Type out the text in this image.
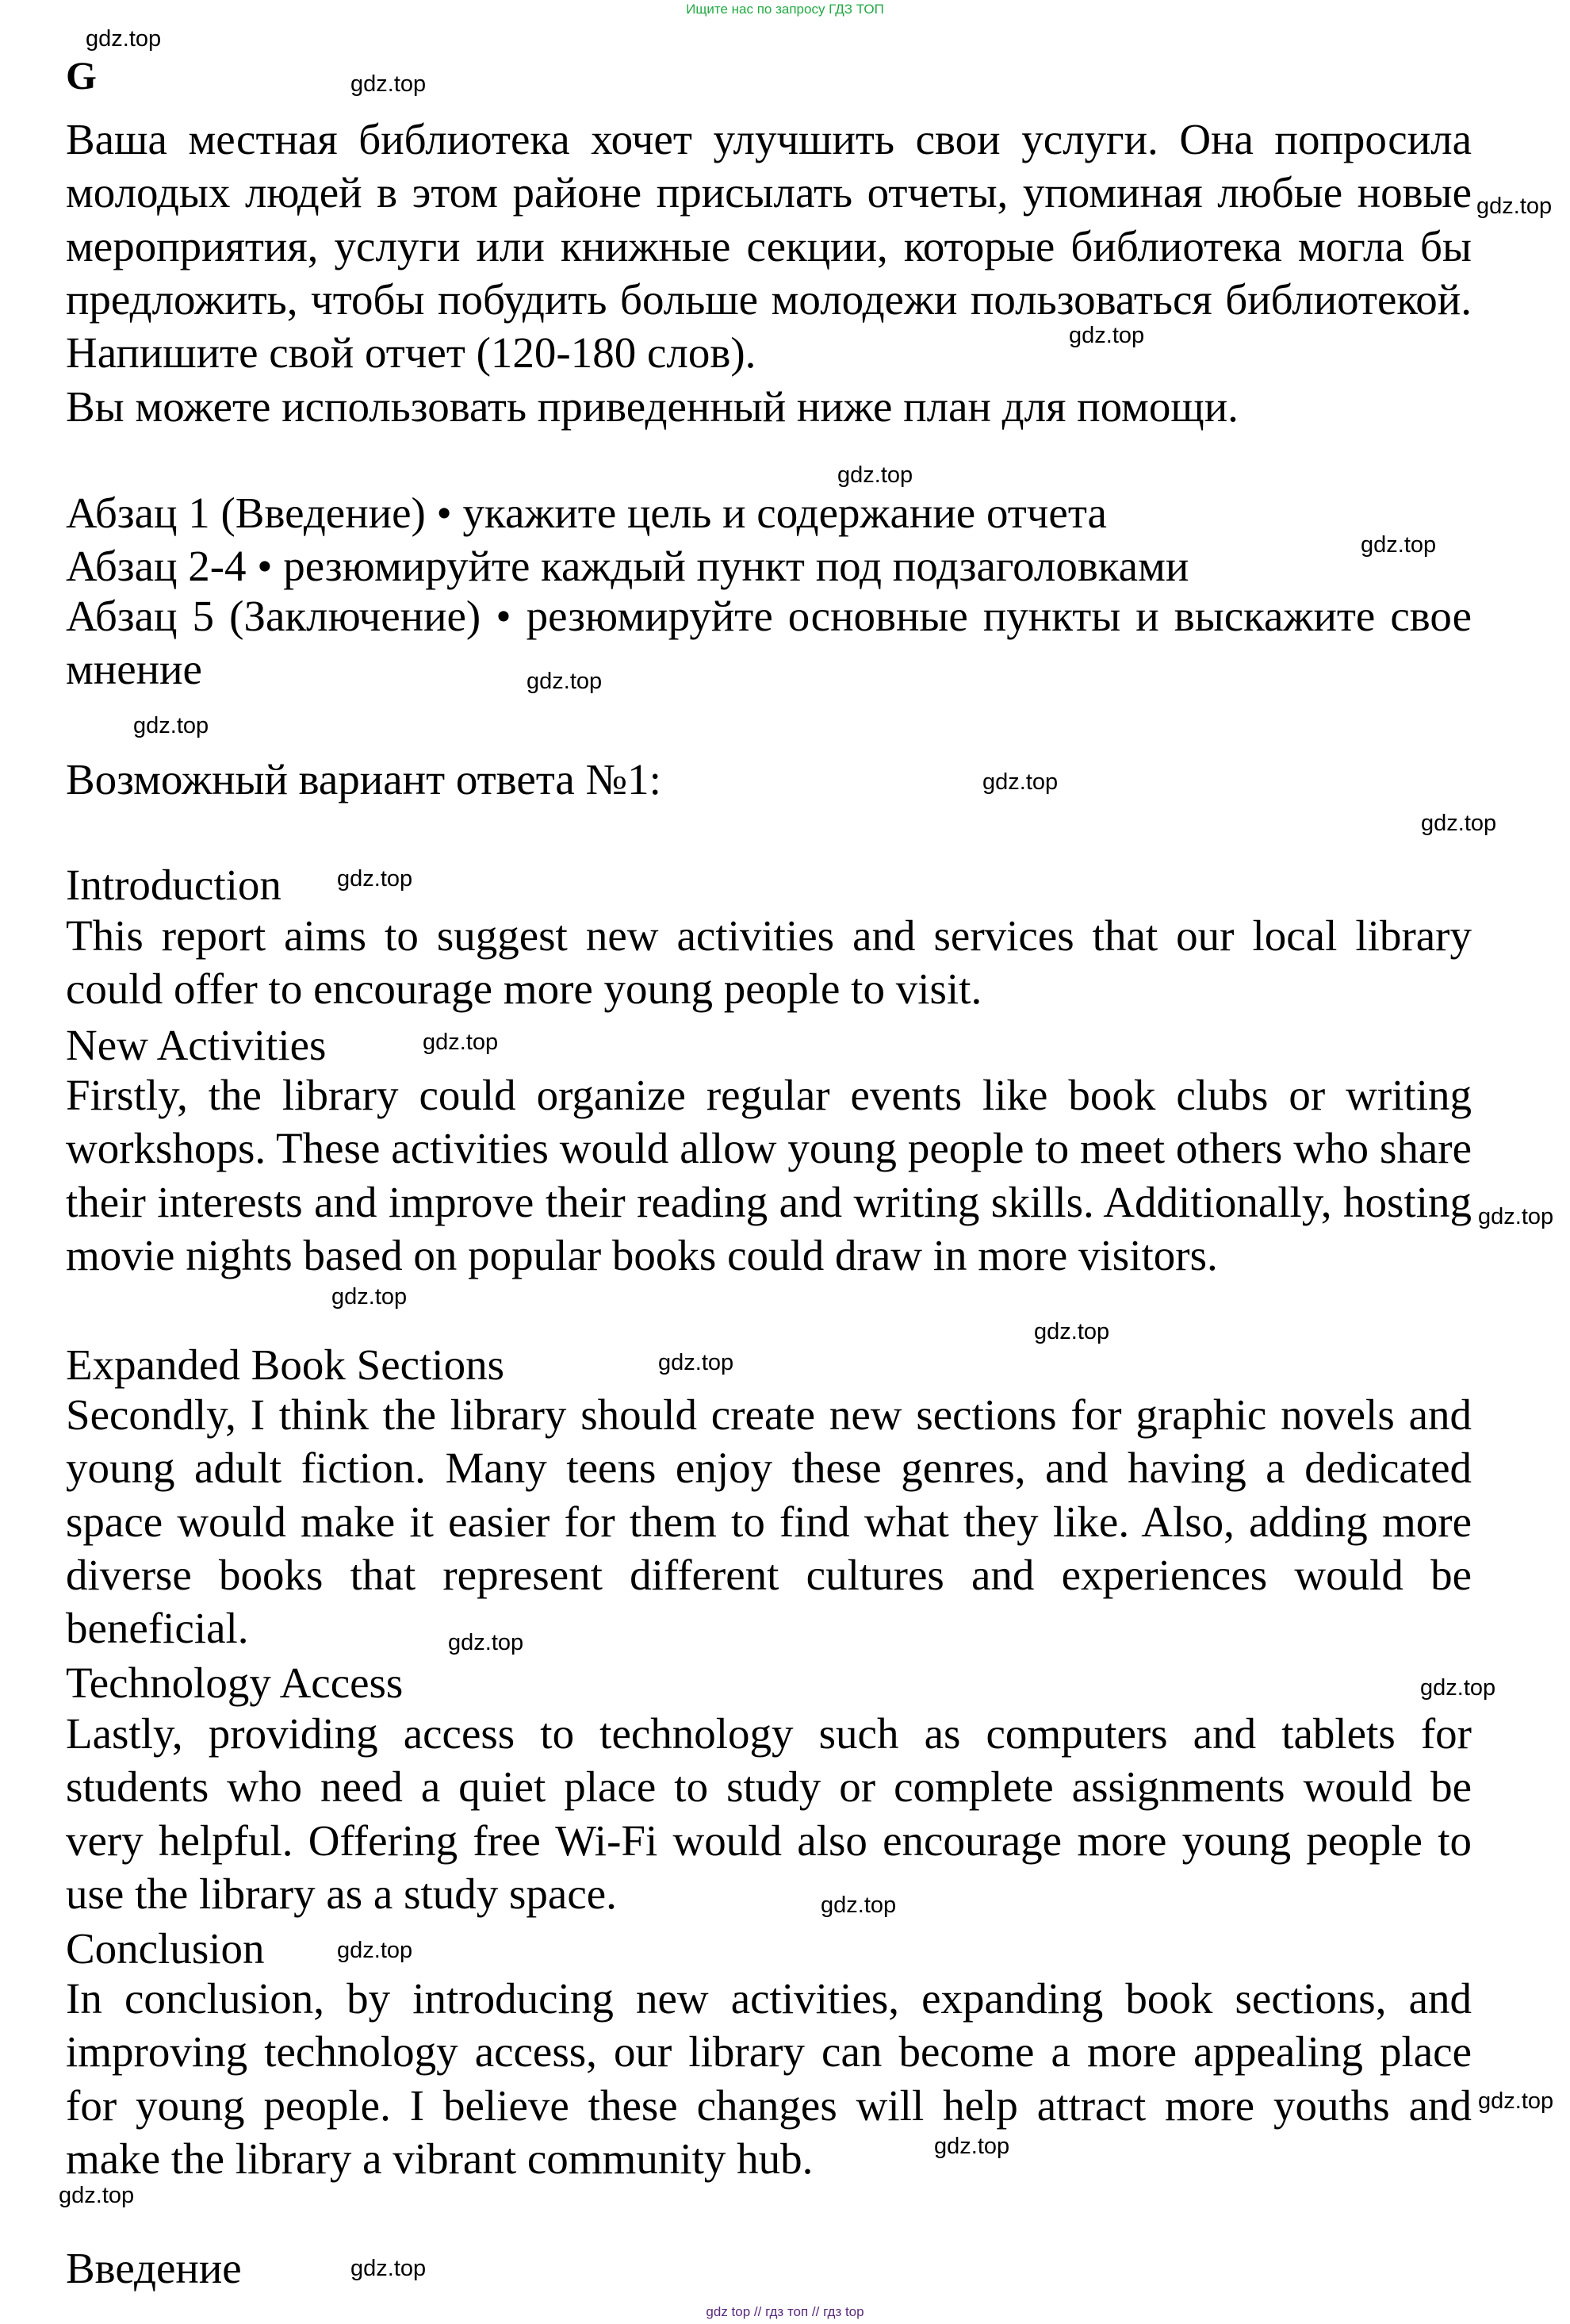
Ищите нас по запросу ГДЗ ТОП
G
Ваша местная библиотека хочет улучшить свои услуги. Она попросила молодых людей в этом районе присылать отчеты, упоминая любые новые мероприятия, услуги или книжные секции, которые библиотека могла бы предложить, чтобы побудить больше молодежи пользоваться библиотекой. Напишите свой отчет (120-180 слов).
Вы можете использовать приведенный ниже план для помощи.
Абзац 1 (Введение) • укажите цель и содержание отчета
Абзац 2-4 • резюмируйте каждый пункт под подзаголовками
Абзац 5 (Заключение) • резюмируйте основные пункты и выскажите свое мнение
Возможный вариант ответа №1:
Introduction
This report aims to suggest new activities and services that our local library could offer to encourage more young people to visit.
New Activities
Firstly, the library could organize regular events like book clubs or writing workshops. These activities would allow young people to meet others who share their interests and improve their reading and writing skills. Additionally, hosting movie nights based on popular books could draw in more visitors.
Expanded Book Sections
Secondly, I think the library should create new sections for graphic novels and young adult fiction. Many teens enjoy these genres, and having a dedicated space would make it easier for them to find what they like. Also, adding more diverse books that represent different cultures and experiences would be beneficial.
Technology Access
Lastly, providing access to technology such as computers and tablets for students who need a quiet place to study or complete assignments would be very helpful. Offering free Wi-Fi would also encourage more young people to use the library as a study space.
Conclusion
In conclusion, by introducing new activities, expanding book sections, and improving technology access, our library can become a more appealing place for young people. I believe these changes will help attract more youths and make the library a vibrant community hub.
Введение
gdz.top
gdz.top
gdz.top
gdz.top
gdz.top
gdz.top
gdz.top
gdz.top
gdz.top
gdz.top
gdz.top
gdz.top
gdz.top
gdz.top
gdz.top
gdz.top
gdz.top
gdz.top
gdz.top
gdz.top
gdz.top
gdz.top
gdz.top
gdz.top
gdz top // гдз топ // гдз top
